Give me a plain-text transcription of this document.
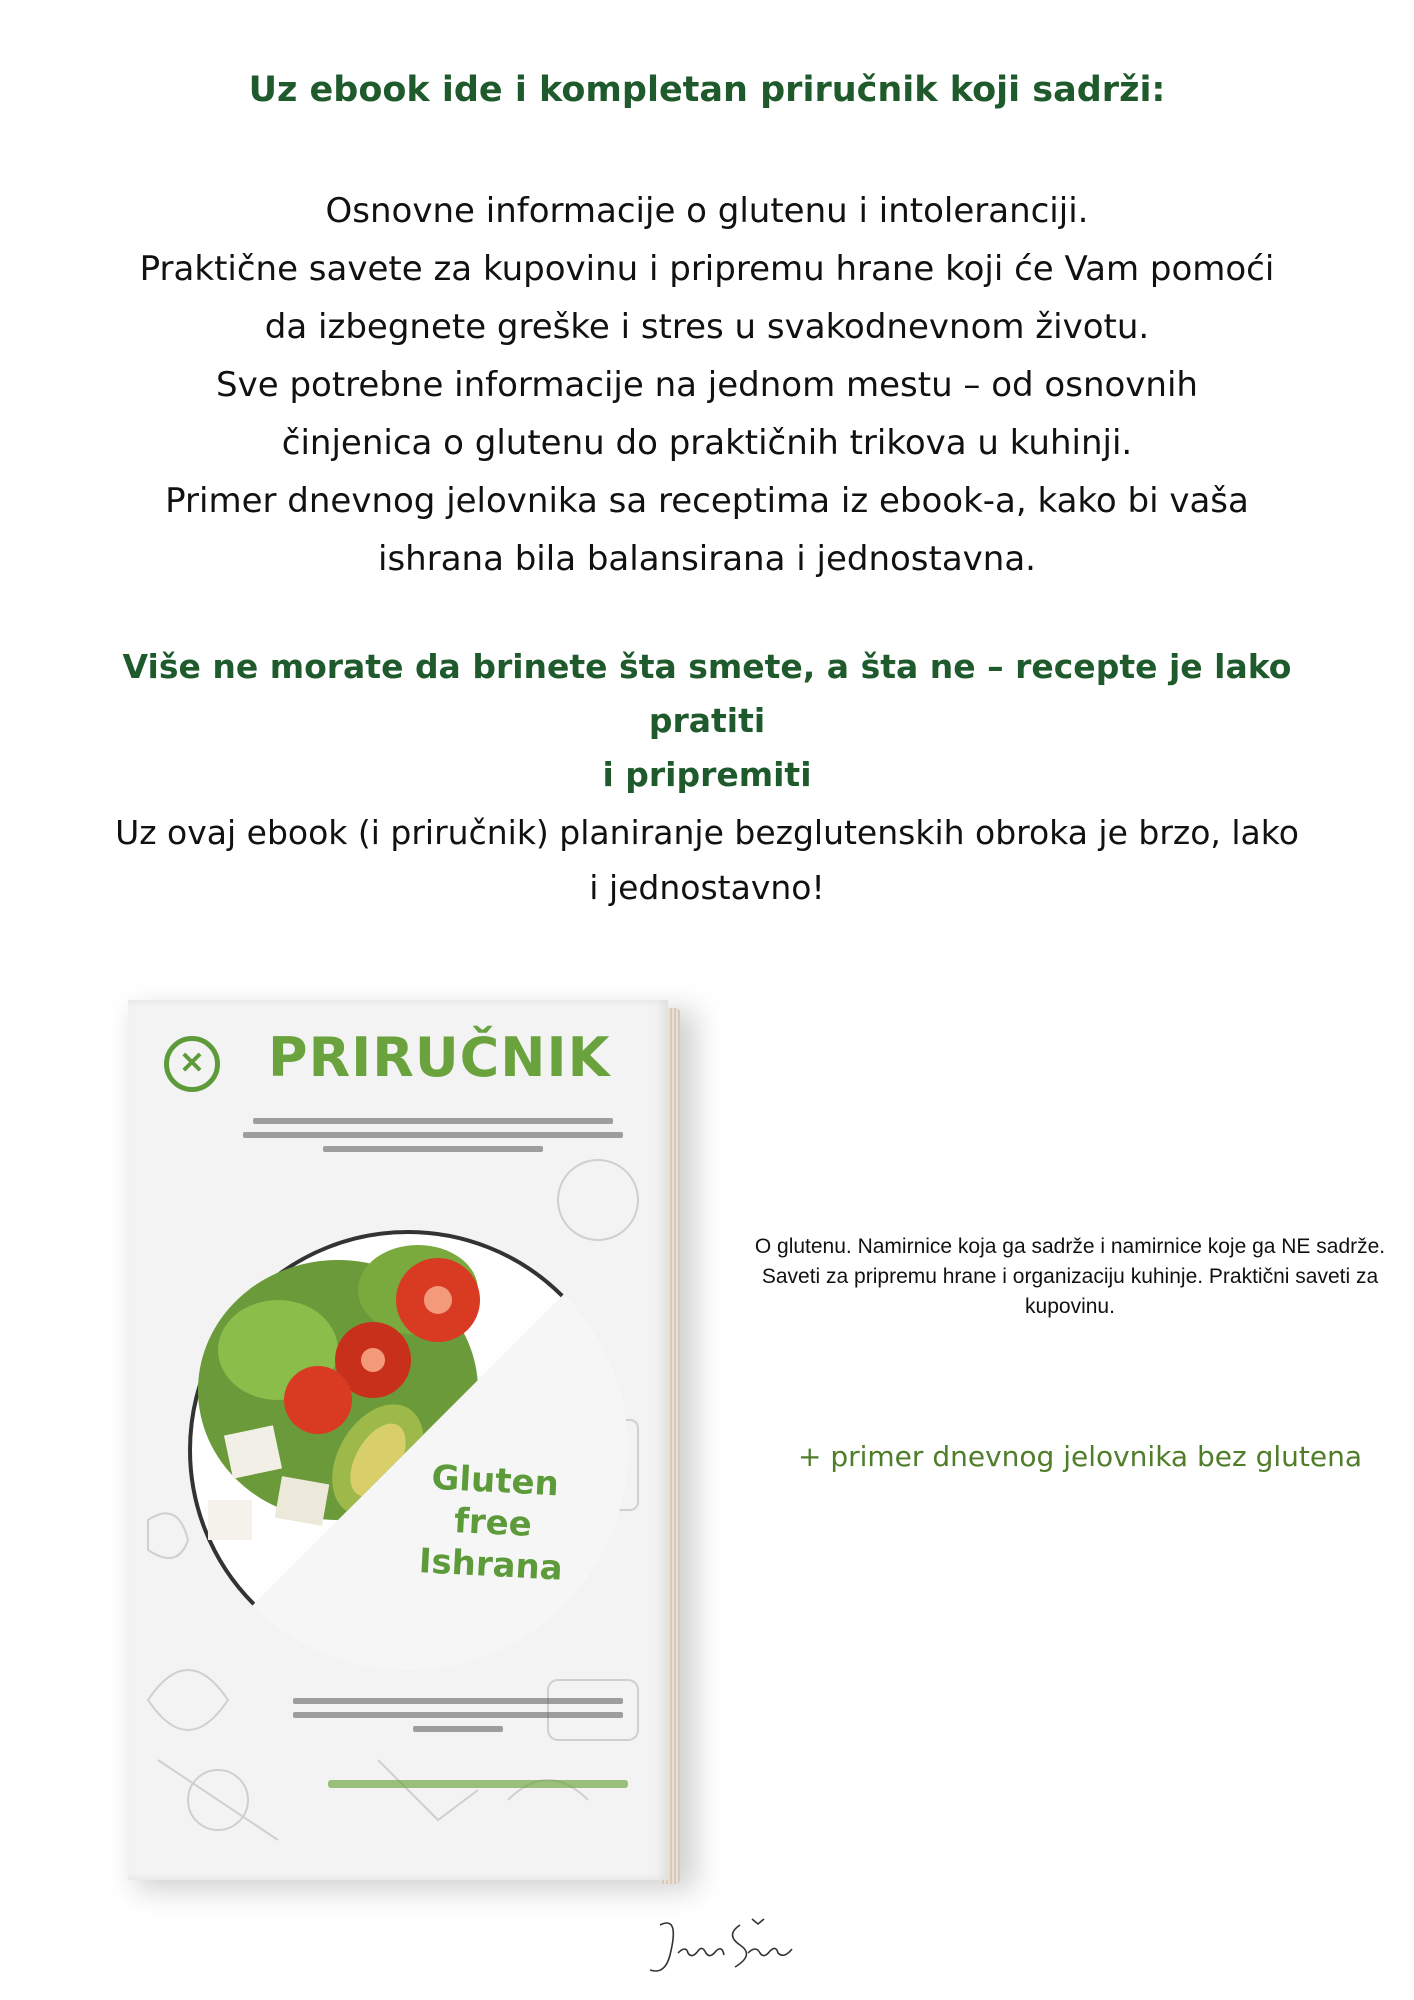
Uz ebook ide i kompletan priručnik koji sadrži:
Osnovne informacije o glutenu i intoleranciji.
Praktične savete za kupovinu i pripremu hrane koji će Vam pomoći
da izbegnete greške i stres u svakodnevnom životu.
Sve potrebne informacije na jednom mestu – od osnovnih
činjenica o glutenu do praktičnih trikova u kuhinji.
Primer dnevnog jelovnika sa receptima iz ebook-a, kako bi vaša
ishrana bila balansirana i jednostavna.
Više ne morate da brinete šta smete, a šta ne – recepte je lako pratiti
i pripremiti
Uz ovaj ebook (i priručnik) planiranje bezglutenskih obroka je brzo, lako
i jednostavno!
✕ PRIRUČNIK
Gluten free
Ishrana
O glutenu. Namirnice koja ga sadrže i namirnice koje ga NE sadrže. Saveti za pripremu hrane i organizaciju kuhinje. Praktični saveti za kupovinu.
+ primer dnevnog jelovnika bez glutena
